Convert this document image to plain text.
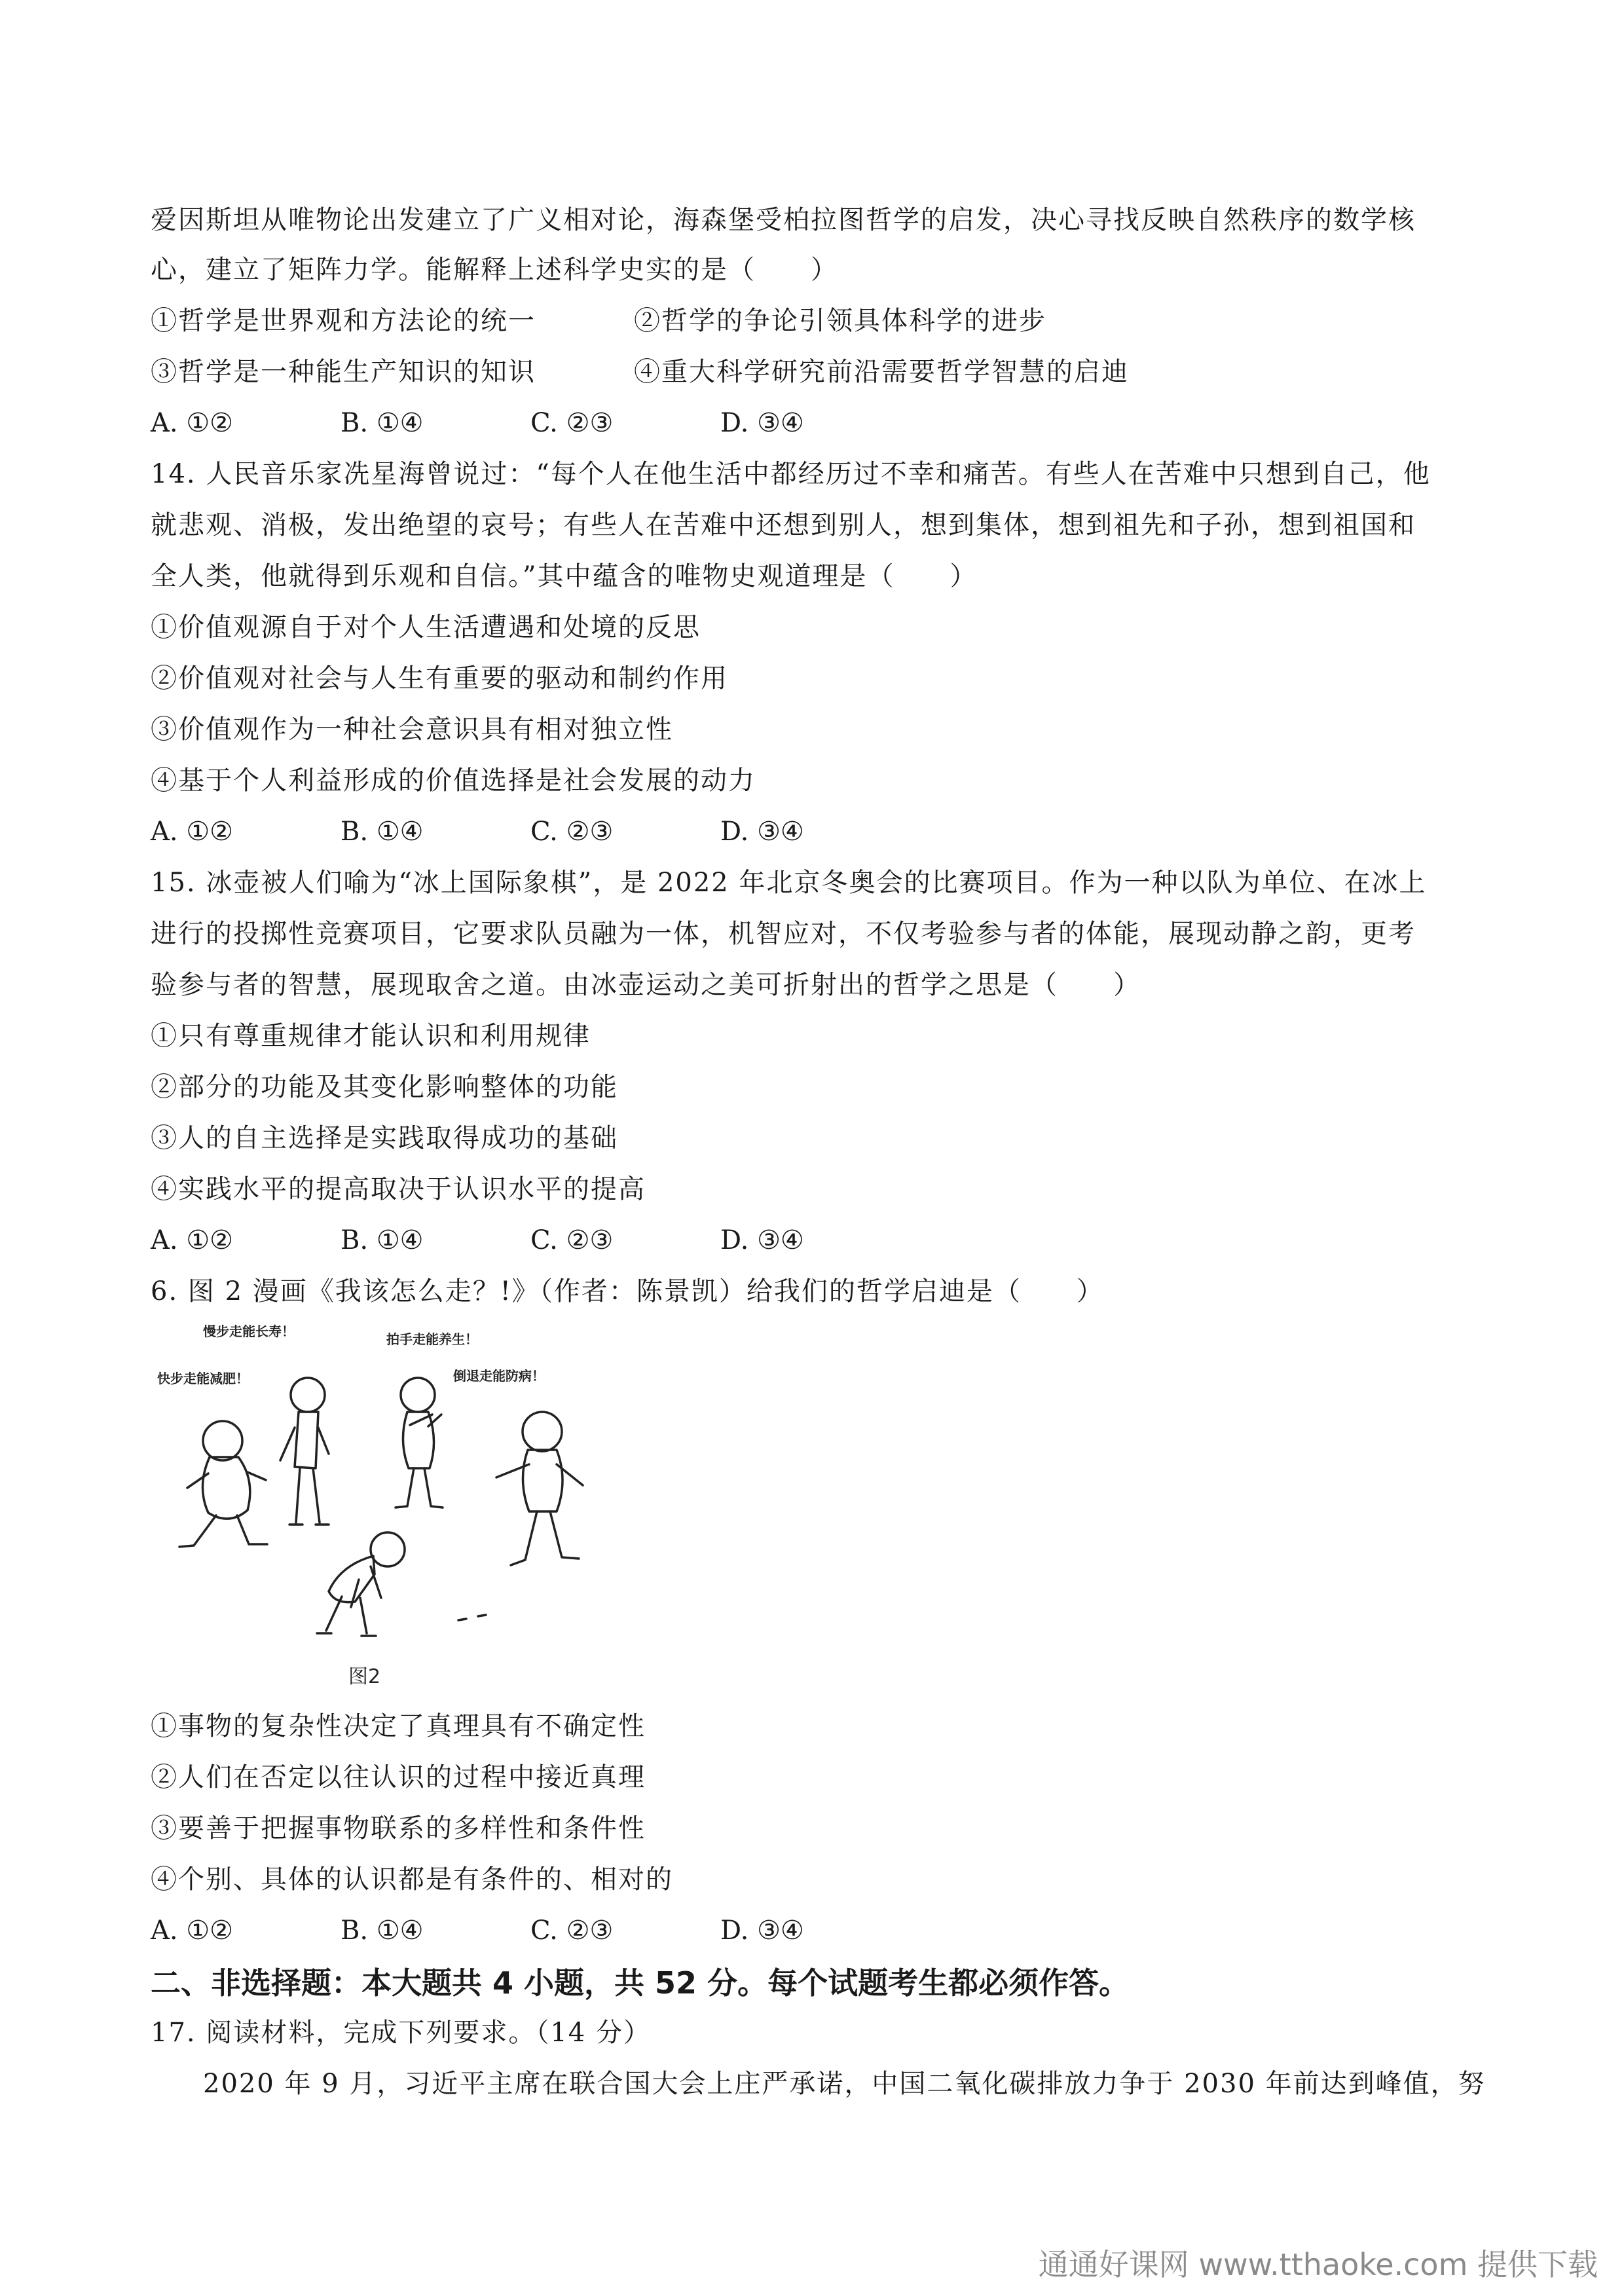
爱因斯坦从唯物论出发建立了广义相对论，海森堡受柏拉图哲学的启发，决心寻找反映自然秩序的数学核
心，建立了矩阵力学。能解释上述科学史实的是（　　）
①哲学是世界观和方法论的统一	②哲学的争论引领具体科学的进步
③哲学是一种能生产知识的知识	④重大科学研究前沿需要哲学智慧的启迪
A. ①②	B. ①④	C. ②③	D. ③④
14. 人民音乐家冼星海曾说过：“每个人在他生活中都经历过不幸和痛苦。有些人在苦难中只想到自己，他
就悲观、消极，发出绝望的哀号；有些人在苦难中还想到别人，想到集体，想到祖先和子孙，想到祖国和
全人类，他就得到乐观和自信。”其中蕴含的唯物史观道理是（　　）
①价值观源自于对个人生活遭遇和处境的反思
②价值观对社会与人生有重要的驱动和制约作用
③价值观作为一种社会意识具有相对独立性
④基于个人利益形成的价值选择是社会发展的动力
A. ①②	B. ①④	C. ②③	D. ③④
15. 冰壶被人们喻为“冰上国际象棋”，是 2022 年北京冬奥会的比赛项目。作为一种以队为单位、在冰上
进行的投掷性竞赛项目，它要求队员融为一体，机智应对，不仅考验参与者的体能，展现动静之韵，更考
验参与者的智慧，展现取舍之道。由冰壶运动之美可折射出的哲学之思是（　　）
①只有尊重规律才能认识和利用规律
②部分的功能及其变化影响整体的功能
③人的自主选择是实践取得成功的基础
④实践水平的提高取决于认识水平的提高
A. ①②	B. ①④	C. ②③	D. ③④
6. 图 2 漫画《我该怎么走？!》（作者：陈景凯）给我们的哲学启迪是（　　）
慢步走能长寿！
快步走能减肥！
拍手走能养生！
倒退走能防病！
图2
①事物的复杂性决定了真理具有不确定性
②人们在否定以往认识的过程中接近真理
③要善于把握事物联系的多样性和条件性
④个别、具体的认识都是有条件的、相对的
A. ①②	B. ①④	C. ②③	D. ③④
二、非选择题：本大题共 4 小题，共 52 分。每个试题考生都必须作答。
17. 阅读材料，完成下列要求。（14 分）
2020 年 9 月，习近平主席在联合国大会上庄严承诺，中国二氧化碳排放力争于 2030 年前达到峰值，努
通通好课网 www.tthaoke.com 提供下载
